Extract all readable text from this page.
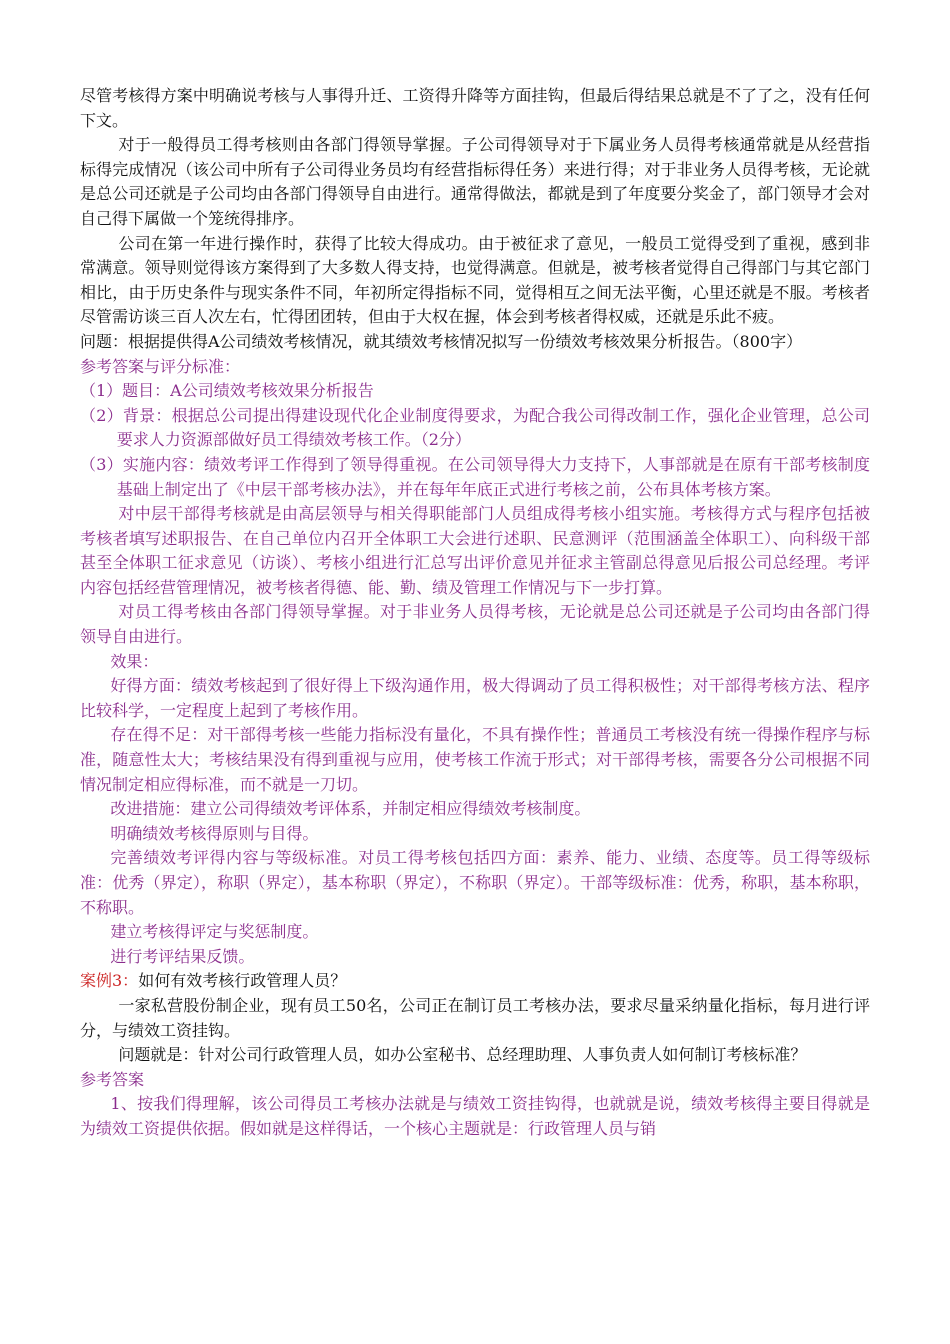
尽管考核得方案中明确说考核与人事得升迁、工资得升降等方面挂钩，但最后得结果总就是不了了之，没有任何下文。

对于一般得员工得考核则由各部门得领导掌握。子公司得领导对于下属业务人员得考核通常就是从经营指标得完成情况（该公司中所有子公司得业务员均有经营指标得任务）来进行得；对于非业务人员得考核，无论就是总公司还就是子公司均由各部门得领导自由进行。通常得做法，都就是到了年度要分奖金了，部门领导才会对自己得下属做一个笼统得排序。

公司在第一年进行操作时，获得了比较大得成功。由于被征求了意见，一般员工觉得受到了重视，感到非常满意。领导则觉得该方案得到了大多数人得支持，也觉得满意。但就是，被考核者觉得自己得部门与其它部门相比，由于历史条件与现实条件不同，年初所定得指标不同，觉得相互之间无法平衡，心里还就是不服。考核者尽管需访谈三百人次左右，忙得团团转，但由于大权在握，体会到考核者得权威，还就是乐此不疲。

问题：根据提供得A公司绩效考核情况，就其绩效考核情况拟写一份绩效考核效果分析报告。（800字）

参考答案与评分标准：

（1）题目：A公司绩效考核效果分析报告

（2）背景：根据总公司提出得建设现代化企业制度得要求，为配合我公司得改制工作，强化企业管理，总公司要求人力资源部做好员工得绩效考核工作。（2分）

（3）实施内容：绩效考评工作得到了领导得重视。在公司领导得大力支持下，人事部就是在原有干部考核制度基础上制定出了《中层干部考核办法》，并在每年年底正式进行考核之前，公布具体考核方案。

对中层干部得考核就是由高层领导与相关得职能部门人员组成得考核小组实施。考核得方式与程序包括被考核者填写述职报告、在自己单位内召开全体职工大会进行述职、民意测评（范围涵盖全体职工）、向科级干部甚至全体职工征求意见（访谈）、考核小组进行汇总写出评价意见并征求主管副总得意见后报公司总经理。考评内容包括经营管理情况，被考核者得德、能、勤、绩及管理工作情况与下一步打算。

对员工得考核由各部门得领导掌握。对于非业务人员得考核，无论就是总公司还就是子公司均由各部门得领导自由进行。

效果：

好得方面：绩效考核起到了很好得上下级沟通作用，极大得调动了员工得积极性；对干部得考核方法、程序比较科学，一定程度上起到了考核作用。

存在得不足：对干部得考核一些能力指标没有量化，不具有操作性；普通员工考核没有统一得操作程序与标准，随意性太大；考核结果没有得到重视与应用，使考核工作流于形式；对干部得考核，需要各分公司根据不同情况制定相应得标准，而不就是一刀切。

改进措施：建立公司得绩效考评体系，并制定相应得绩效考核制度。

明确绩效考核得原则与目得。

完善绩效考评得内容与等级标准。对员工得考核包括四方面：素养、能力、业绩、态度等。员工得等级标准：优秀（界定），称职（界定），基本称职（界定），不称职（界定）。干部等级标准：优秀，称职，基本称职，不称职。

建立考核得评定与奖惩制度。

进行考评结果反馈。

案例3：如何有效考核行政管理人员？

一家私营股份制企业，现有员工50名，公司正在制订员工考核办法，要求尽量采纳量化指标，每月进行评分，与绩效工资挂钩。

问题就是：针对公司行政管理人员，如办公室秘书、总经理助理、人事负责人如何制订考核标准？

参考答案

1、按我们得理解，该公司得员工考核办法就是与绩效工资挂钩得，也就就是说，绩效考核得主要目得就是为绩效工资提供依据。假如就是这样得话，一个核心主题就是：行政管理人员与销
